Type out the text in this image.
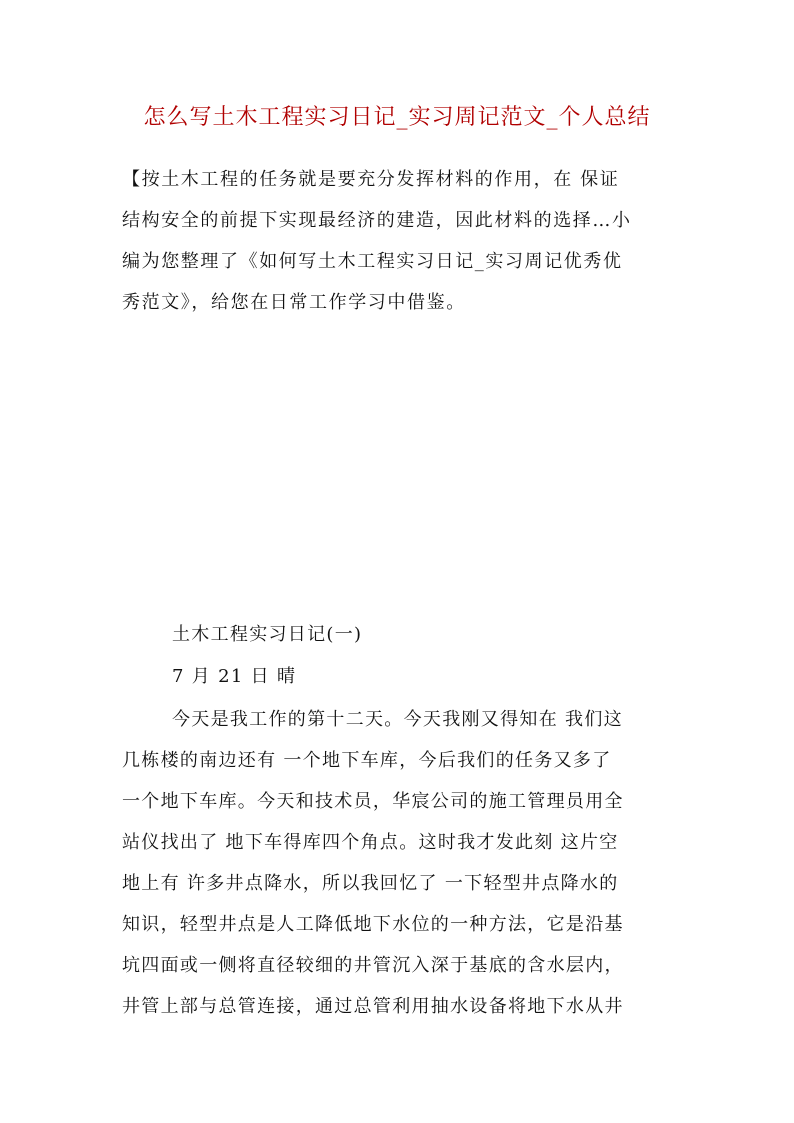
怎么写土木工程实习日记_实习周记范文_个人总结
【按土木工程的任务就是要充分发挥材料的作用，在 保证
结构安全的前提下实现最经济的建造，因此材料的选择…小
编为您整理了《如何写土木工程实习日记_实习周记优秀优
秀范文》，给您在日常工作学习中借鉴。
土木工程实习日记(一)
7 月 21 日 晴
今天是我工作的第十二天。今天我刚又得知在 我们这
几栋楼的南边还有 一个地下车库，今后我们的任务又多了
一个地下车库。今天和技术员，华宸公司的施工管理员用全
站仪找出了 地下车得库四个角点。这时我才发此刻 这片空
地上有 许多井点降水，所以我回忆了 一下轻型井点降水的
知识，轻型井点是人工降低地下水位的一种方法，它是沿基
坑四面或一侧将直径较细的井管沉入深于基底的含水层内，
井管上部与总管连接，通过总管利用抽水设备将地下水从井
